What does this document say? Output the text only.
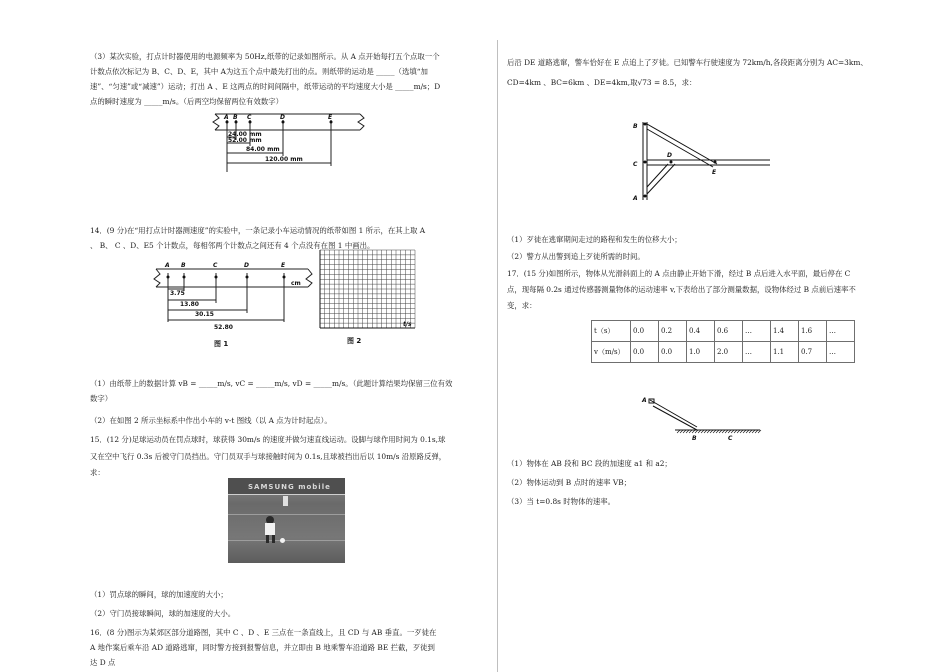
（3）某次实验，打点计时器使用的电源频率为 50Hz,纸带的记录如图所示。从 A 点开始每打五个点取一个

计数点依次标记为 B、C、D、E，其中 A为这五个点中最先打出的点。则纸带的运动是 _____（选填“加

速”、“匀速”或“减速”）运动；打出 A 、E 这两点的时间间隔中，纸带运动的平均速度大小是 _____m/s；D

点的瞬时速度为 _____m/s。（后两空均保留两位有效数字）

A B C	D	E
24.00 mm
52.00 mm
84.00 mm
120.00 mm

14．(9 分)在“用打点计时器测速度”的实验中，一条记录小车运动情况的纸带如图 1 所示，在其上取 A

、 B、 C 、D、E5 个计数点，每相邻两个计数点之间还有 4 个点没有在图 1 中画出。

A B	C	D	E
cm
3.75
13.80
30.15
52.80
图 1
t/s
图 2

（1）由纸带上的数据计算 vB = _____m/s, vC = _____m/s, vD = _____m/s。（此题计算结果均保留三位有效

数字）

（2）在如图 2 所示坐标系中作出小车的 v-t 图线（以 A 点为计时起点）。

15．(12 分)足球运动员在罚点球时，球获得 30m/s 的速度并做匀速直线运动。设脚与球作用时间为 0.1s,球

又在空中飞行 0.3s 后被守门员挡出。守门员双手与球接触时间为 0.1s,且球被挡出后以 10m/s 沿原路反弹，

求：

SAMSUNG mobile

（1）罚点球的瞬间，球的加速度的大小；

（2）守门员接球瞬间，球的加速度的大小。

16．(8 分)图示为某郊区部分道路图，其中 C 、D 、E 三点在一条直线上，且 CD 与 AB 垂直。一歹徒在

A 地作案后乘车沿 AD 道路逃窜，同时警方接到报警信息，并立即由 B 地乘警车沿道路 BE 拦截，歹徒到

达 D 点

后沿 DE 道路逃窜，警车恰好在 E 点追上了歹徒。已知警车行驶速度为 72km/h,各段距离分别为 AC=3km、

CD=4km 、BC=6km 、DE=4km,取√73 = 8.5，求：

B
C
D
E
A

（1）歹徒在逃窜期间走过的路程和发生的位移大小；

（2）警方从出警到追上歹徒所需的时间。

17．(15 分)如图所示，物体从光滑斜面上的 A 点由静止开始下滑，经过 B 点后进入水平面，最后停在 C

点，现每隔 0.2s 通过传感器测量物体的运动速率 v,下表给出了部分测量数据，设物体经过 B 点前后速率不

变，求：

t（s）	0.0	0.2	0.4	0.6	…	1.4	1.6	…
v（m/s）	0.0	0.0	1.0	2.0	…	1.1	0.7	…
A
B	C

（1）物体在 AB 段和 BC 段的加速度 a1 和 a2；

（2）物体运动到 B 点时的速率 VB；

（3）当 t=0.8s 时物体的速率。
